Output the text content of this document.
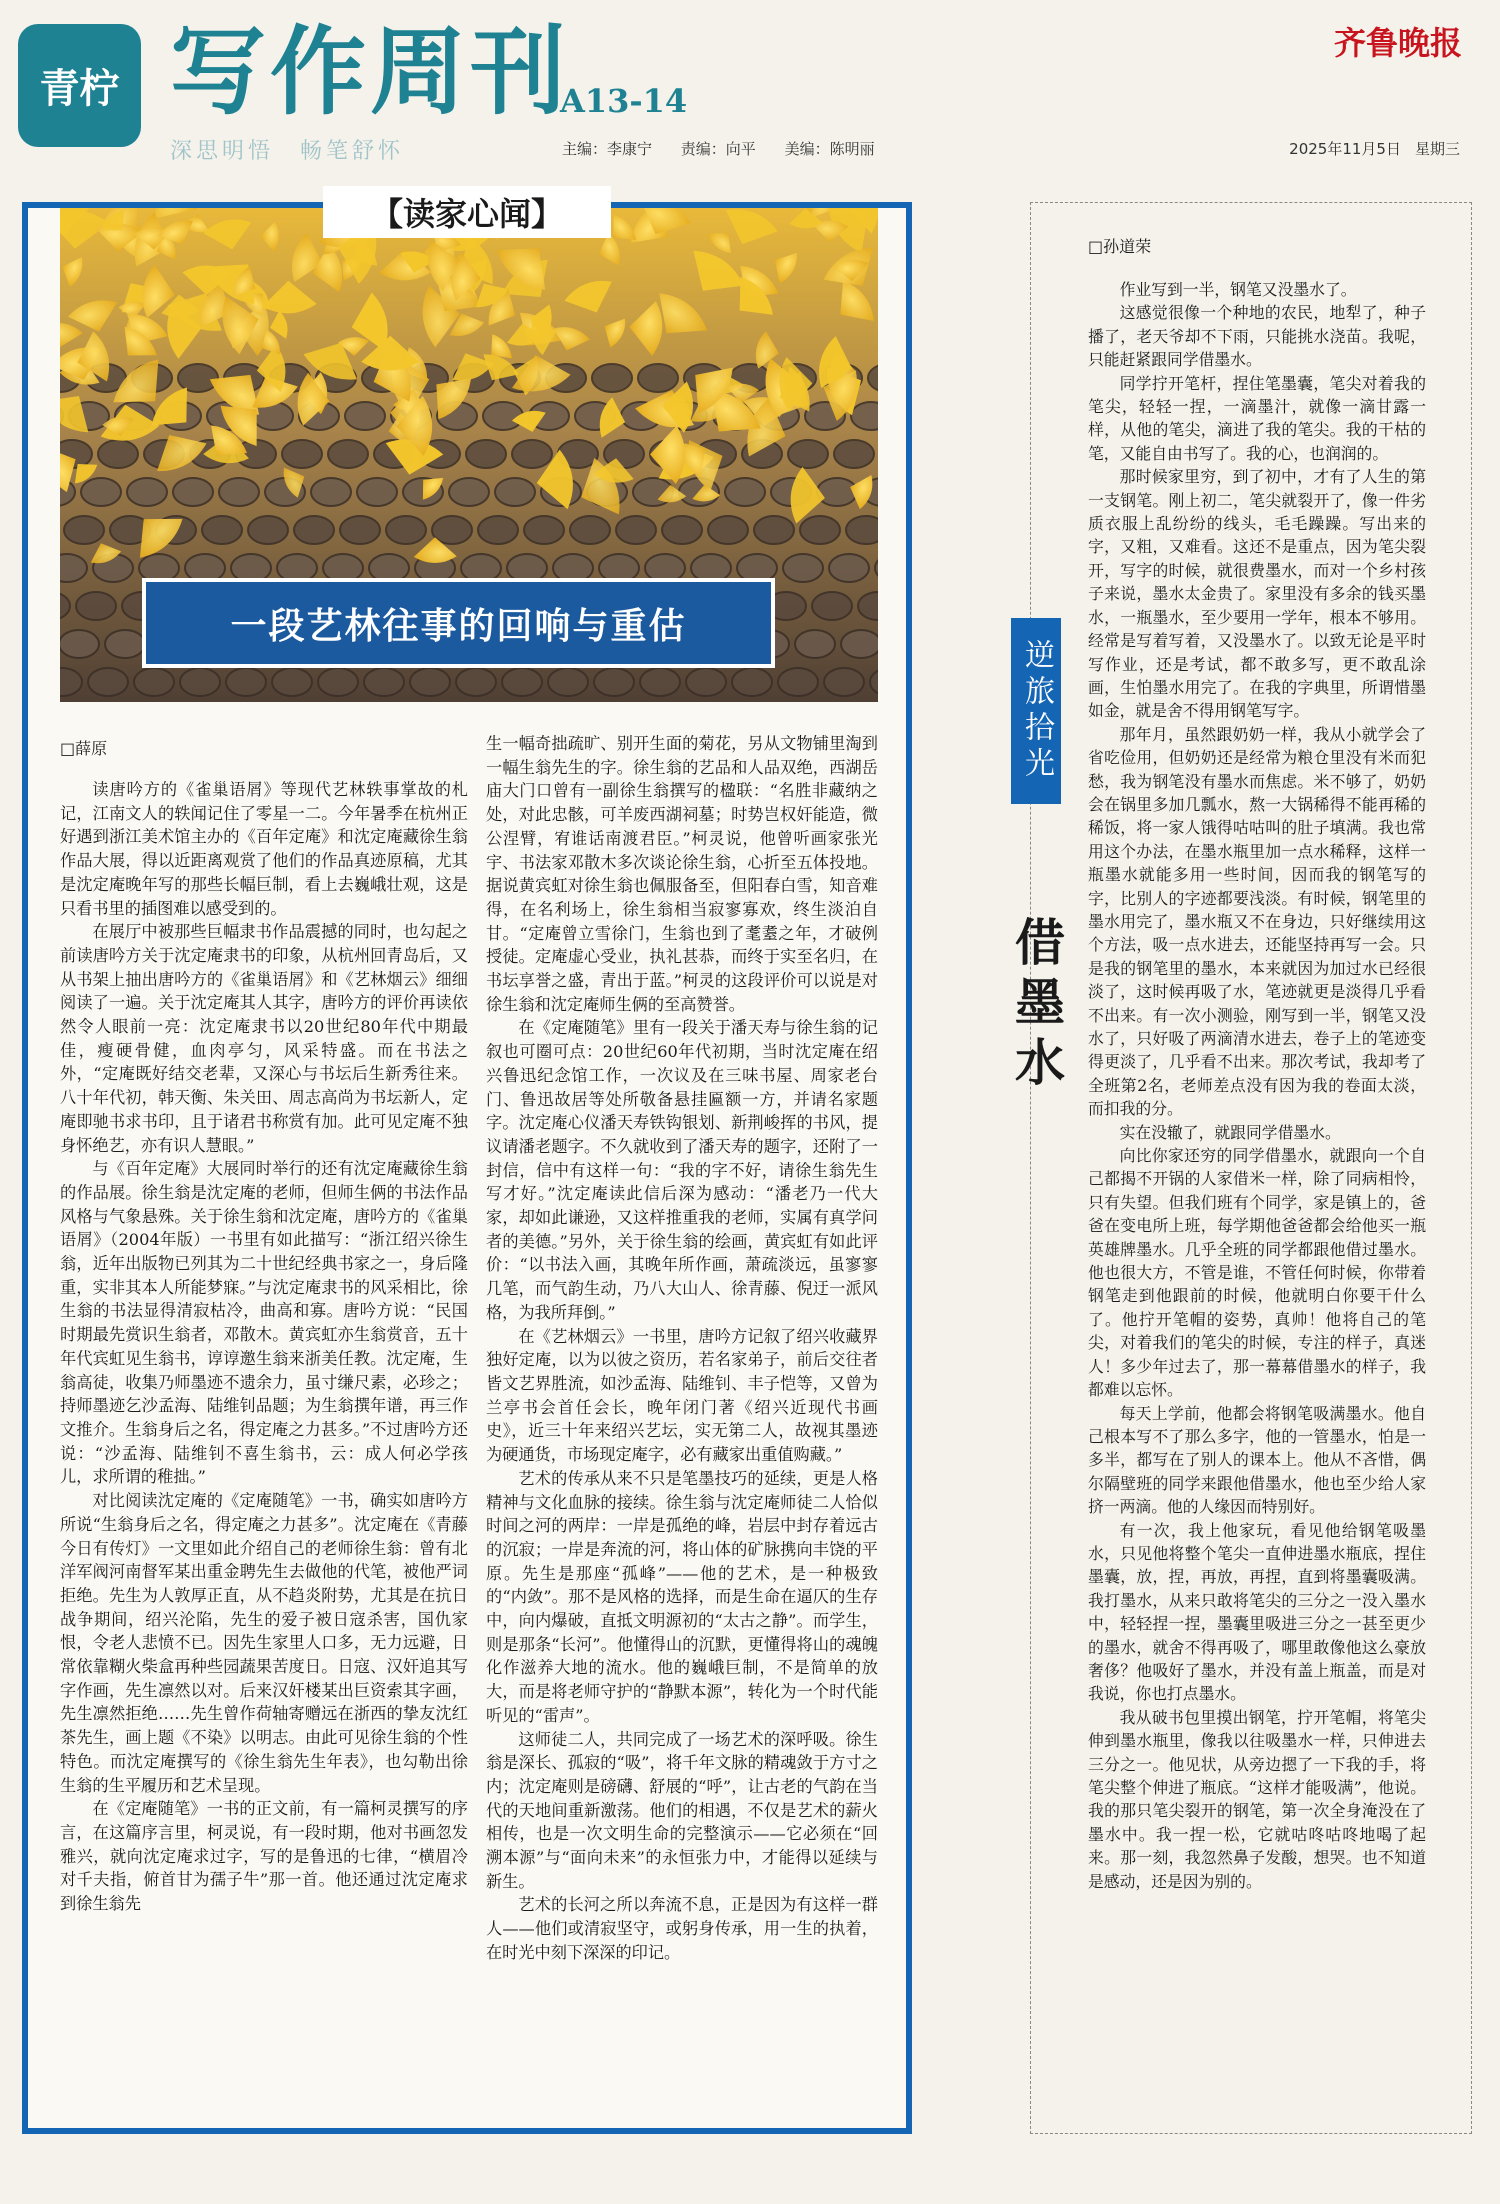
青柠 写作周刊
A13-14
深思明悟　畅笔舒怀	主编：李康宁 责编：向平 美编：陈明丽	2025年11月5日 星期三
齐鲁晚报
【读家心闻】
一段艺林往事的回响与重估
□薛原

读唐吟方的《雀巢语屑》等现代艺林轶事掌故的札记，江南文人的轶闻记住了零星一二。今年暑季在杭州正好遇到浙江美术馆主办的《百年定庵》和沈定庵藏徐生翁作品大展，得以近距离观赏了他们的作品真迹原稿，尤其是沈定庵晚年写的那些长幅巨制，看上去巍峨壮观，这是只看书里的插图难以感受到的。

在展厅中被那些巨幅隶书作品震撼的同时，也勾起之前读唐吟方关于沈定庵隶书的印象，从杭州回青岛后，又从书架上抽出唐吟方的《雀巢语屑》和《艺林烟云》细细阅读了一遍。关于沈定庵其人其字，唐吟方的评价再读依然令人眼前一亮：沈定庵隶书以20世纪80年代中期最佳，瘦硬骨健，血肉亭匀，风采特盛。而在书法之外，“定庵既好结交老辈，又深心与书坛后生新秀往来。八十年代初，韩天衡、朱关田、周志高尚为书坛新人，定庵即驰书求书印，且于诸君书称赏有加。此可见定庵不独身怀绝艺，亦有识人慧眼。”

与《百年定庵》大展同时举行的还有沈定庵藏徐生翁的作品展。徐生翁是沈定庵的老师，但师生俩的书法作品风格与气象悬殊。关于徐生翁和沈定庵，唐吟方的《雀巢语屑》（2004年版）一书里有如此描写：“浙江绍兴徐生翁，近年出版物已列其为二十世纪经典书家之一，身后隆重，实非其本人所能梦寐。”与沈定庵隶书的风采相比，徐生翁的书法显得清寂枯冷，曲高和寡。唐吟方说：“民国时期最先赏识生翁者，邓散木。黄宾虹亦生翁赏音，五十年代宾虹见生翁书，谆谆邀生翁来浙美任教。沈定庵，生翁高徒，收集乃师墨迹不遗余力，虽寸缣尺素，必珍之；持师墨迹乞沙孟海、陆维钊品题；为生翁撰年谱，再三作文推介。生翁身后之名，得定庵之力甚多。”不过唐吟方还说：“沙孟海、陆维钊不喜生翁书，云：成人何必学孩儿，求所谓的稚拙。”

对比阅读沈定庵的《定庵随笔》一书，确实如唐吟方所说“生翁身后之名，得定庵之力甚多”。沈定庵在《青藤今日有传灯》一文里如此介绍自己的老师徐生翁：曾有北洋军阀河南督军某出重金聘先生去做他的代笔，被他严词拒绝。先生为人敦厚正直，从不趋炎附势，尤其是在抗日战争期间，绍兴沦陷，先生的爱子被日寇杀害，国仇家恨，令老人悲愤不已。因先生家里人口多，无力远避，日常依靠糊火柴盒再种些园蔬果苦度日。日寇、汉奸追其写字作画，先生凛然以对。后来汉奸楼某出巨资索其字画，先生凛然拒绝……先生曾作荷轴寄赠远在浙西的挚友沈红茶先生，画上题《不染》以明志。由此可见徐生翁的个性特色。而沈定庵撰写的《徐生翁先生年表》，也勾勒出徐生翁的生平履历和艺术呈现。

在《定庵随笔》一书的正文前，有一篇柯灵撰写的序言，在这篇序言里，柯灵说，有一段时期，他对书画忽发雅兴，就向沈定庵求过字，写的是鲁迅的七律，“横眉冷对千夫指，俯首甘为孺子牛”那一首。他还通过沈定庵求到徐生翁先

生一幅奇拙疏旷、别开生面的菊花，另从文物铺里淘到一幅生翁先生的字。徐生翁的艺品和人品双绝，西湖岳庙大门口曾有一副徐生翁撰写的楹联：“名胜非藏纳之处，对此忠骸，可羊废西湖祠墓；时势岂权奸能造，微公涅臂，宥谁话南渡君臣。”柯灵说，他曾听画家张光宇、书法家邓散木多次谈论徐生翁，心折至五体投地。据说黄宾虹对徐生翁也佩服备至，但阳春白雪，知音难得，在名利场上，徐生翁相当寂寥寡欢，终生淡泊自甘。“定庵曾立雪徐门，生翁也到了耄耋之年，才破例授徒。定庵虚心受业，执礼甚恭，而终于实至名归，在书坛享誉之盛，青出于蓝。”柯灵的这段评价可以说是对徐生翁和沈定庵师生俩的至高赞誉。

在《定庵随笔》里有一段关于潘天寿与徐生翁的记叙也可圈可点：20世纪60年代初期，当时沈定庵在绍兴鲁迅纪念馆工作，一次议及在三味书屋、周家老台门、鲁迅故居等处所敬备悬挂匾额一方，并请名家题字。沈定庵心仪潘天寿铁钩银划、新荆峻挥的书风，提议请潘老题字。不久就收到了潘天寿的题字，还附了一封信，信中有这样一句：“我的字不好，请徐生翁先生写才好。”沈定庵读此信后深为感动：“潘老乃一代大家，却如此谦逊，又这样推重我的老师，实属有真学问者的美德。”另外，关于徐生翁的绘画，黄宾虹有如此评价：“以书法入画，其晚年所作画，萧疏淡远，虽寥寥几笔，而气韵生动，乃八大山人、徐青藤、倪迂一派风格，为我所拜倒。”

在《艺林烟云》一书里，唐吟方记叙了绍兴收藏界独好定庵，以为以彼之资历，若名家弟子，前后交往者皆文艺界胜流，如沙孟海、陆维钊、丰子恺等，又曾为兰亭书会首任会长，晚年闭门著《绍兴近现代书画史》，近三十年来绍兴艺坛，实无第二人，故视其墨迹为硬通货，市场现定庵字，必有藏家出重值购藏。”

艺术的传承从来不只是笔墨技巧的延续，更是人格精神与文化血脉的接续。徐生翁与沈定庵师徒二人恰似时间之河的两岸：一岸是孤绝的峰，岩层中封存着远古的沉寂；一岸是奔流的河，将山体的矿脉携向丰饶的平原。先生是那座“孤峰”——他的艺术，是一种极致的“内敛”。那不是风格的选择，而是生命在逼仄的生存中，向内爆破，直抵文明源初的“太古之静”。而学生，则是那条“长河”。他懂得山的沉默，更懂得将山的魂魄化作滋养大地的流水。他的巍峨巨制，不是简单的放大，而是将老师守护的“静默本源”，转化为一个时代能听见的“雷声”。

这师徒二人，共同完成了一场艺术的深呼吸。徐生翁是深长、孤寂的“吸”，将千年文脉的精魂敛于方寸之内；沈定庵则是磅礴、舒展的“呼”，让古老的气韵在当代的天地间重新激荡。他们的相遇，不仅是艺术的薪火相传，也是一次文明生命的完整演示——它必须在“回溯本源”与“面向未来”的永恒张力中，才能得以延续与新生。

艺术的长河之所以奔流不息，正是因为有这样一群人——他们或清寂坚守，或躬身传承，用一生的执着，在时光中刻下深深的印记。

逆旅拾光
借墨水
□孙道荣

作业写到一半，钢笔又没墨水了。

这感觉很像一个种地的农民，地犁了，种子播了，老天爷却不下雨，只能挑水浇苗。我呢，只能赶紧跟同学借墨水。

同学拧开笔杆，捏住笔墨囊，笔尖对着我的笔尖，轻轻一捏，一滴墨汁，就像一滴甘露一样，从他的笔尖，滴进了我的笔尖。我的干枯的笔，又能自由书写了。我的心，也润润的。

那时候家里穷，到了初中，才有了人生的第一支钢笔。刚上初二，笔尖就裂开了，像一件劣质衣服上乱纷纷的线头，毛毛躁躁。写出来的字，又粗，又难看。这还不是重点，因为笔尖裂开，写字的时候，就很费墨水，而对一个乡村孩子来说，墨水太金贵了。家里没有多余的钱买墨水，一瓶墨水，至少要用一学年，根本不够用。经常是写着写着，又没墨水了。以致无论是平时写作业，还是考试，都不敢多写，更不敢乱涂画，生怕墨水用完了。在我的字典里，所谓惜墨如金，就是舍不得用钢笔写字。

那年月，虽然跟奶奶一样，我从小就学会了省吃俭用，但奶奶还是经常为粮仓里没有米而犯愁，我为钢笔没有墨水而焦虑。米不够了，奶奶会在锅里多加几瓢水，熬一大锅稀得不能再稀的稀饭，将一家人饿得咕咕叫的肚子填满。我也常用这个办法，在墨水瓶里加一点水稀释，这样一瓶墨水就能多用一些时间，因而我的钢笔写的字，比别人的字迹都要浅淡。有时候，钢笔里的墨水用完了，墨水瓶又不在身边，只好继续用这个方法，吸一点水进去，还能坚持再写一会。只是我的钢笔里的墨水，本来就因为加过水已经很淡了，这时候再吸了水，笔迹就更是淡得几乎看不出来。有一次小测验，刚写到一半，钢笔又没水了，只好吸了两滴清水进去，卷子上的笔迹变得更淡了，几乎看不出来。那次考试，我却考了全班第2名，老师差点没有因为我的卷面太淡，而扣我的分。

实在没辙了，就跟同学借墨水。

向比你家还穷的同学借墨水，就跟向一个自己都揭不开锅的人家借米一样，除了同病相怜，只有失望。但我们班有个同学，家是镇上的，爸爸在变电所上班，每学期他爸爸都会给他买一瓶英雄牌墨水。几乎全班的同学都跟他借过墨水。他也很大方，不管是谁，不管任何时候，你带着钢笔走到他跟前的时候，他就明白你要干什么了。他拧开笔帽的姿势，真帅！他将自己的笔尖，对着我们的笔尖的时候，专注的样子，真迷人！多少年过去了，那一幕幕借墨水的样子，我都难以忘怀。

每天上学前，他都会将钢笔吸满墨水。他自己根本写不了那么多字，他的一管墨水，怕是一多半，都写在了别人的课本上。他从不吝惜，偶尔隔壁班的同学来跟他借墨水，他也至少给人家挤一两滴。他的人缘因而特别好。

有一次，我上他家玩，看见他给钢笔吸墨水，只见他将整个笔尖一直伸进墨水瓶底，捏住墨囊，放，捏，再放，再捏，直到将墨囊吸满。我打墨水，从来只敢将笔尖的三分之一没入墨水中，轻轻捏一捏，墨囊里吸进三分之一甚至更少的墨水，就舍不得再吸了，哪里敢像他这么豪放奢侈？他吸好了墨水，并没有盖上瓶盖，而是对我说，你也打点墨水。

我从破书包里摸出钢笔，拧开笔帽，将笔尖伸到墨水瓶里，像我以往吸墨水一样，只伸进去三分之一。他见状，从旁边摁了一下我的手，将笔尖整个伸进了瓶底。“这样才能吸满”，他说。我的那只笔尖裂开的钢笔，第一次全身淹没在了墨水中。我一捏一松，它就咕咚咕咚地喝了起来。那一刻，我忽然鼻子发酸，想哭。也不知道是感动，还是因为别的。
